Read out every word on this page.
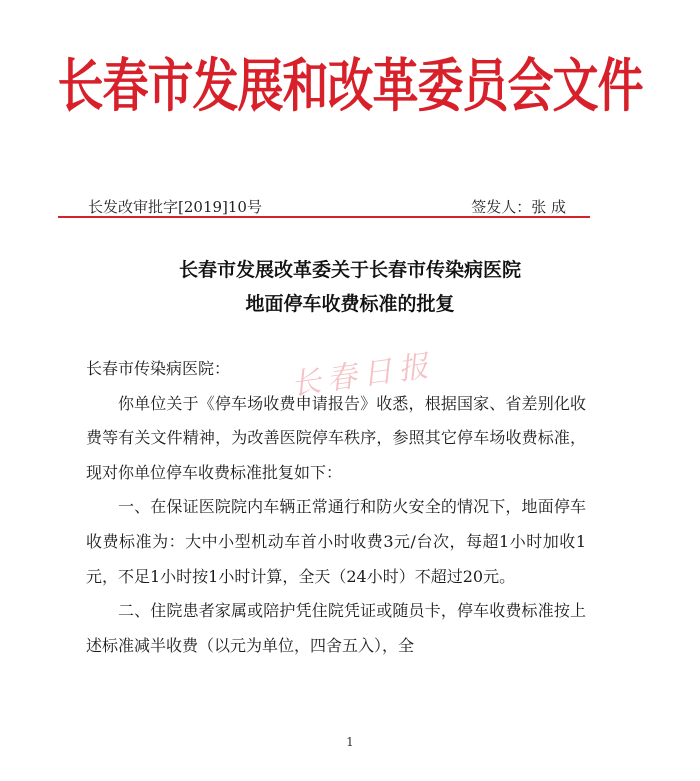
长春市发展和改革委员会文件
长发改审批字[2019]10号	签发人：张 成
长春市发展改革委关于长春市传染病医院
地面停车收费标准的批复

长春市传染病医院：

你单位关于《停车场收费申请报告》收悉，根据国家、省差别化收费等有关文件精神，为改善医院停车秩序，参照其它停车场收费标准，现对你单位停车收费标准批复如下：

一、在保证医院院内车辆正常通行和防火安全的情况下，地面停车收费标准为：大中小型机动车首小时收费3元/台次，每超1小时加收1元，不足1小时按1小时计算，全天（24小时）不超过20元。

二、住院患者家属或陪护凭住院凭证或随员卡，停车收费标准按上述标准减半收费（以元为单位，四舍五入），全

长春日报
1
